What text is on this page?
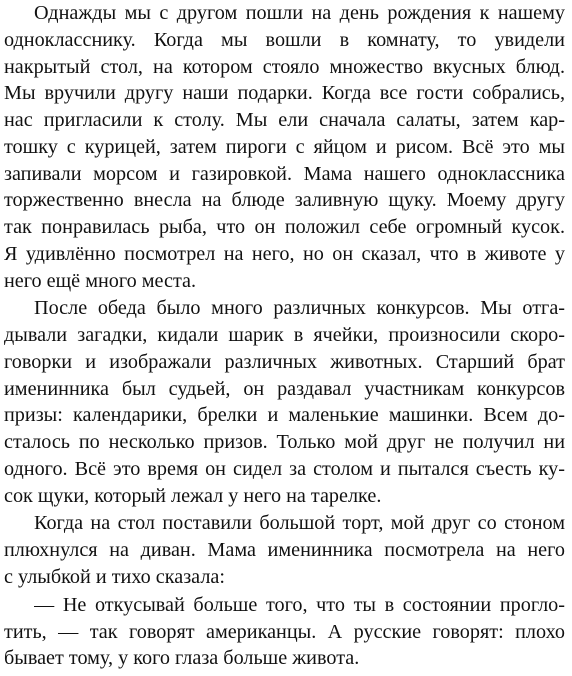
Однажды мы с другом пошли на день рождения к нашему
однокласснику. Когда мы вошли в комнату, то увидели
накрытый стол, на котором стояло множество вкусных блюд.
Мы вручили другу наши подарки. Когда все гости собрались,
нас пригласили к столу. Мы ели сначала салаты, затем кар-
тошку с курицей, затем пироги с яйцом и рисом. Всё это мы
запивали морсом и газировкой. Мама нашего одноклассника
торжественно внесла на блюде заливную щуку. Моему другу
так понравилась рыба, что он положил себе огромный кусок.
Я удивлённо посмотрел на него, но он сказал, что в животе у
него ещё много места.
После обеда было много различных конкурсов. Мы отга-
дывали загадки, кидали шарик в ячейки, произносили скоро-
говорки и изображали различных животных. Старший брат
именинника был судьей, он раздавал участникам конкурсов
призы: календарики, брелки и маленькие машинки. Всем до-
сталось по несколько призов. Только мой друг не получил ни
одного. Всё это время он сидел за столом и пытался съесть ку-
сок щуки, который лежал у него на тарелке.
Когда на стол поставили большой торт, мой друг со стоном
плюхнулся на диван. Мама именинника посмотрела на него
с улыбкой и тихо сказала:
— Не откусывай больше того, что ты в состоянии прогло-
тить, — так говорят американцы. А русские говорят: плохо
бывает тому, у кого глаза больше живота.
